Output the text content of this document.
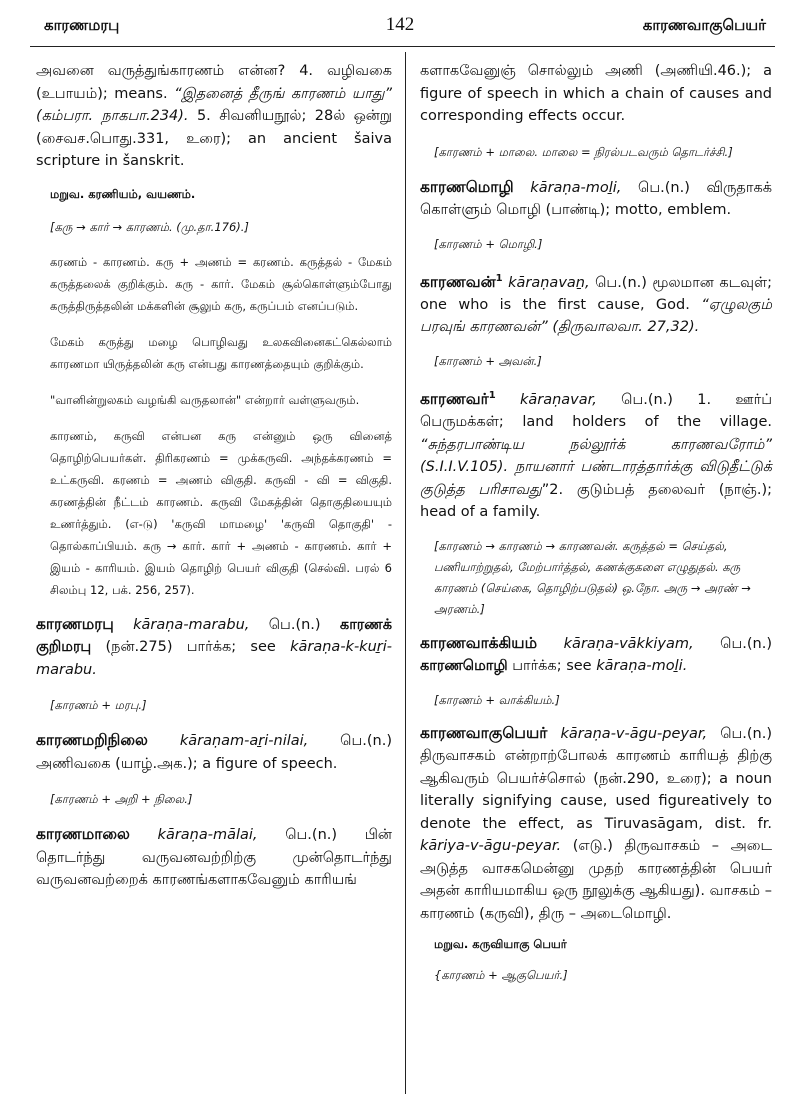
காரணமரபு	142	காரணவாகுபெயர்

அவனை வருத்துங்காரணம் என்ன? 4. வழிவகை (உபாயம்); means. “இதனைத் தீருங் காரணம் யாது” (கம்பரா. நாகபா.234). 5. சிவனியநூல்; 28ல் ஒன்று (சைவச.பொது.331, உரை); an ancient šaiva scripture in šanskrit.

மறுவ. கரணியம், வயணம்.

[கரு → கார் → காரணம். (மு.தா.176).]

கரணம் - காரணம். கரு + அணம் = கரணம். கருத்தல் - மேகம் கருத்தலைக் குறிக்கும். கரு - கார். மேகம் சூல்கொள்ளும்போது கருத்திருத்தலின் மக்களின் சூலும் கரு, கருப்பம் எனப்படும்.

மேகம் கருத்து மழை பொழிவது உலகவினைகட்கெல்லாம் காரணமா யிருத்தலின் கரு என்பது காரணத்தையும் குறிக்கும்.

"வானின்றுலகம் வழங்கி வருதலான்" என்றார் வள்ளுவரும்.

காரணம், கருவி என்பன கரு என்னும் ஒரு வினைத் தொழிற்பெயர்கள். திரிகரணம் = முக்கருவி. அந்தக்கரணம் = உட்கருவி. கரணம் = அணம் விகுதி. கருவி - வி = விகுதி. கரணத்தின் நீட்டம் காரணம். கருவி மேகத்தின் தொகுதியையும் உணர்த்தும். (எ-டு) 'கருவி மாமழை' 'கருவி தொகுதி' - தொல்காப்பியம். கரு → கார். கார் + அணம் - காரணம். கார் + இயம் - காரியம். இயம் தொழிற் பெயர் விகுதி (செல்வி. பரல் 6 சிலம்பு 12, பக். 256, 257).

காரணமரபு kāraṇa-marabu, பெ.(n.) காரணக் குறிமரபு (நன்.275) பார்க்க; see kāraṇa-k-kuṟi-marabu.

[காரணம் + மரபு.]

காரணமறிநிலை kāraṇam-aṟi-nilai, பெ.(n.) அணிவகை (யாழ்.அக.); a figure of speech.

[காரணம் + அறி + நிலை.]

காரணமாலை kāraṇa-mālai, பெ.(n.) பின் தொடர்ந்து வருவனவற்றிற்கு முன்தொடர்ந்து வருவனவற்றைக் காரணங்களாகவேனும் காரியங்

களாகவேனுஞ் சொல்லும் அணி (அணியி.46.); a figure of speech in which a chain of causes and corresponding effects occur.

[காரணம் + மாலை. மாலை = நிரல்படவரும் தொடர்ச்சி.]

காரணமொழி kāraṇa-moḻi, பெ.(n.) விருதாகக் கொள்ளும் மொழி (பாண்டி); motto, emblem.

[காரணம் + மொழி.]

காரணவன்$^1$ kāraṇavaṉ, பெ.(n.) மூலமான கடவுள்; one who is the first cause, God. “ஏழுலகும் பரவுங் காரணவன்” (திருவாலவா. 27,32).

[காரணம் + அவன்.]

காரணவர்$^1$ kāraṇavar, பெ.(n.) 1. ஊர்ப் பெருமக்கள்; land holders of the village. “சுந்தரபாண்டிய நல்லூர்க் காரணவரோம்” (S.I.I.V.105). நாயனார் பண்டாரத்தார்க்கு விடுதீட்டுக் குடுத்த பரிசாவது”2. குடும்பத் தலைவர் (நாஞ்.); head of a family.

[காரணம் → காரணம் → காரணவன். கருத்தல் = செய்தல், பணியாற்றுதல், மேற்பார்த்தல், கணக்குகளை எழுதுதல். கரு காரணம் (செய்கை, தொழிற்படுதல்) ஒ.நோ. அரு → அரண் → அரணம்.]

காரணவாக்கியம் kāraṇa-vākkiyam, பெ.(n.) காரணமொழி பார்க்க; see kāraṇa-moḻi.

[காரணம் + வாக்கியம்.]

காரணவாகுபெயர் kāraṇa-v-āgu-peyar, பெ.(n.) திருவாசகம் என்றாற்போலக் காரணம் காரியத் திற்கு ஆகிவரும் பெயர்ச்சொல் (நன்.290, உரை); a noun literally signifying cause, used figureatively to denote the effect, as Tiruvasāgam, dist. fr. kāriya-v-āgu-peyar. (எடு.) திருவாசகம் – அடை அடுத்த வாசகமென்னு முதற் காரணத்தின் பெயர் அதன் காரியமாகிய ஒரு நூலுக்கு ஆகியது). வாசகம் – காரணம் (கருவி), திரு – அடைமொழி.

மறுவ. கருவியாகு பெயர்

{காரணம் + ஆகுபெயர்.]
